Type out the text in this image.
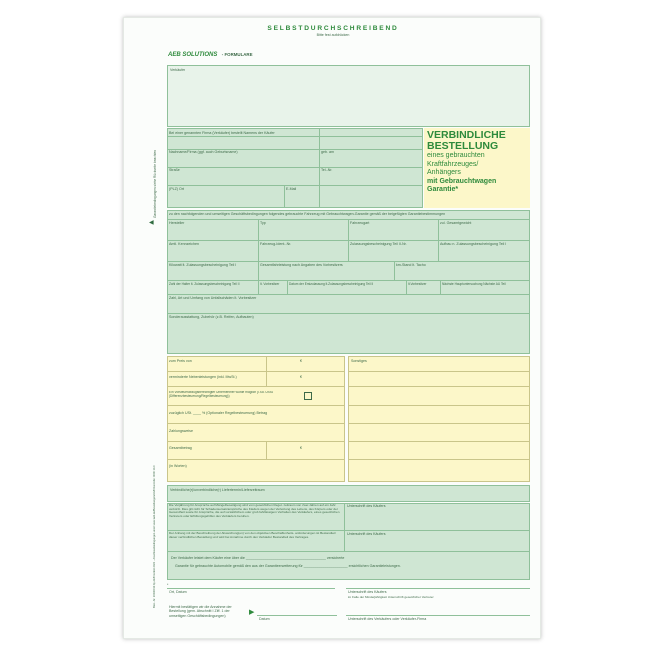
SELBSTDURCHSCHREIBEND
Bitte fest aufdrücken
AEB SOLUTIONS - FORMULARE
Verkäufer
Bei einer genannten Firma (Verkäufer) bestellt Namens der Käufer
Nachname/Firma (ggf. auch Geburtsname)	geb. am
Straße	Tel.-Nr.
(PLZ) Ort	E-Mail
VERBINDLICHE
BESTELLUNG
eines gebrauchten
Kraftfahrzeuges/
Anhängers
mit Gebrauchtwagen
Garantie*
Garantiebedingungen siehe Rückseite beachten
◀
Best.-Nr. 10030013 by AEB GmbH 2021 - Anschlussbedingungen unter www.aeb.de/Bestellungen/AGB Kontrolle: 0000 14.0
zu den nachfolgenden und umseitigen Geschäftsbedingungen folgendes gebrauchte Fahrzeug mit Gebrauchtwagen-Garantie gemäß der beigefügten Garantiebestimmungen
Hersteller	Typ	Fahrzeugart	zul. Gesamtgewicht
Amtl. Kennzeichen	Fahrzeug-Ident.-Nr.	Zulassungsbescheinigung Teil II-Nr.	Aufbau n. Zulassungsbescheinigung Teil I
Kilowatt lt. Zulassungsbescheinigung Teil I	Gesamtfahrleistung nach Angaben des Vorbesitzers	km-Stand lt. Tacho
Zahl der Halter lt. Zulassungsbescheinigung Teil II	lt. Vorbesitzer	Datum der Erstzulassung lt.Zulassungsbescheinigung Teil II	lt.Vorbesitzer	Nächste Hauptuntersuchung Nächste AU Teil
Zahl, Art und Umfang von Unfallschäden lt. Vorbesitzer
Sonderausstattung, Zubehör (z.B. Reifen, Aufbauten)
zum Preis von	€
verminderte Nebenleistungen (inkl. MwSt.)	€
Ein Vorsteuerabzugsberechtigter Unternehmer wurde möglich (i.Sd. UStG (Differenzbesteuerung/Regelbesteuerung))
zuzüglich USt. ____ % (Optionaler Regelbesteuerung) Betrag
Zahlungsweise
Gesamtbetrag	€
(in Worten)
Sonstiges
Verbindliche(r)/unverbindliche(r) Liefertermin/Lieferzeitraum
Die Verjährung für Ansprüche auf Mängelbeseitigung wird vom gesetzlichen Regel- zeitraum von zwei Jahren auf ein Jahr verkürzt. Dies gilt nicht für Schadensersatzansprüche des Käufers wegen der Verletzung des Lebens, des Körpers oder der Gesundheit sowie für Ansprüche, die auf vorsätzlichem oder grob fahrlässigem Verhalten des Verkäufers, eines gesetzlichen Vertreters oder Erfüllungsgehilfen des Verkäufers beruhen.
Unterschrift des Käufers
Der Anhang mit der Beschreibung der Abweichung(en) von den objektiven Beschaffenheits- anforderungen ist Bestandteil dieser verbindlichen Bestellung und wird bei Annahme durch den Verkäufer Bestandteil des Vertrages.
Unterschrift des Käufers
Der Verkäufer leistet dem Käufer eine über die ________________________________________ versicherte
Garantie für gebrauchte Automobile gemäß den aus der Garantieerweiterung für ______________________ ersichtlichen Garantieleistungen.
*
Ort, Datum	Unterschrift des Käufers
im Falle der Minderjährigkeit Unterschrift gesetzlicher Vertreter
Hiermit bestätigen wir die Annahme der Bestellung (gem. Abschnitt I Ziff. 1 der umseitigen Geschäftsbedingungen)	▶
Datum	Unterschrift des Verkäufers oder Verkäufer-Firma
